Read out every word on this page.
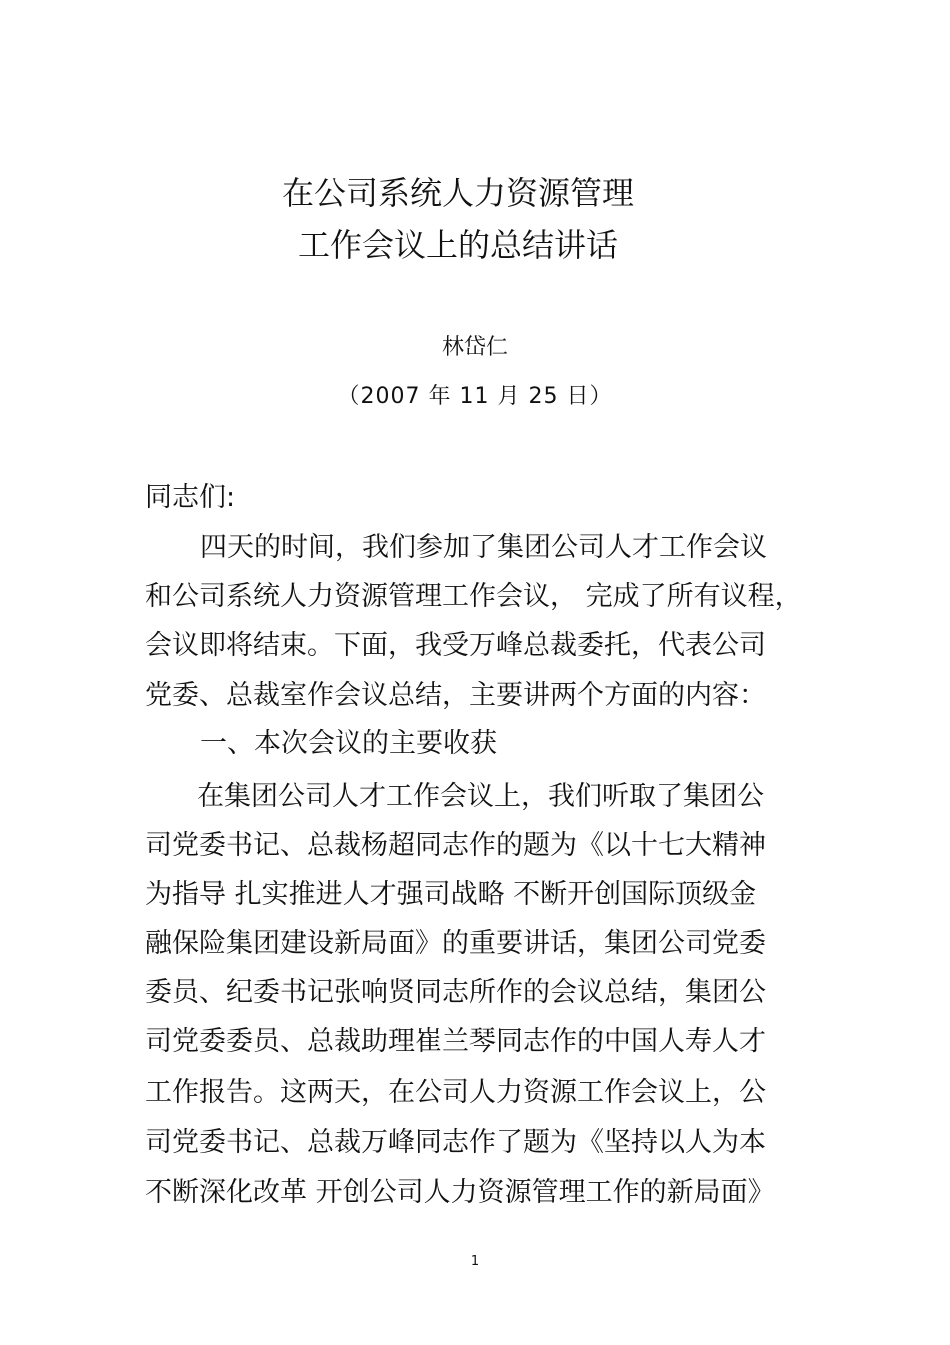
在公司系统人力资源管理
工作会议上的总结讲话
林岱仁
（2007 年 11 月 25 日）
同志们:
四天的时间，我们参加了集团公司人才工作会议
和公司系统人力资源管理工作会议， 完成了所有议程，
会议即将结束。下面，我受万峰总裁委托，代表公司
党委、总裁室作会议总结，主要讲两个方面的内容：
一、本次会议的主要收获
在集团公司人才工作会议上，我们听取了集团公
司党委书记、总裁杨超同志作的题为《以十七大精神
为指导 扎实推进人才强司战略 不断开创国际顶级金
融保险集团建设新局面》的重要讲话，集团公司党委
委员、纪委书记张响贤同志所作的会议总结，集团公
司党委委员、总裁助理崔兰琴同志作的中国人寿人才
工作报告。这两天，在公司人力资源工作会议上，公
司党委书记、总裁万峰同志作了题为《坚持以人为本
不断深化改革 开创公司人力资源管理工作的新局面》
1
